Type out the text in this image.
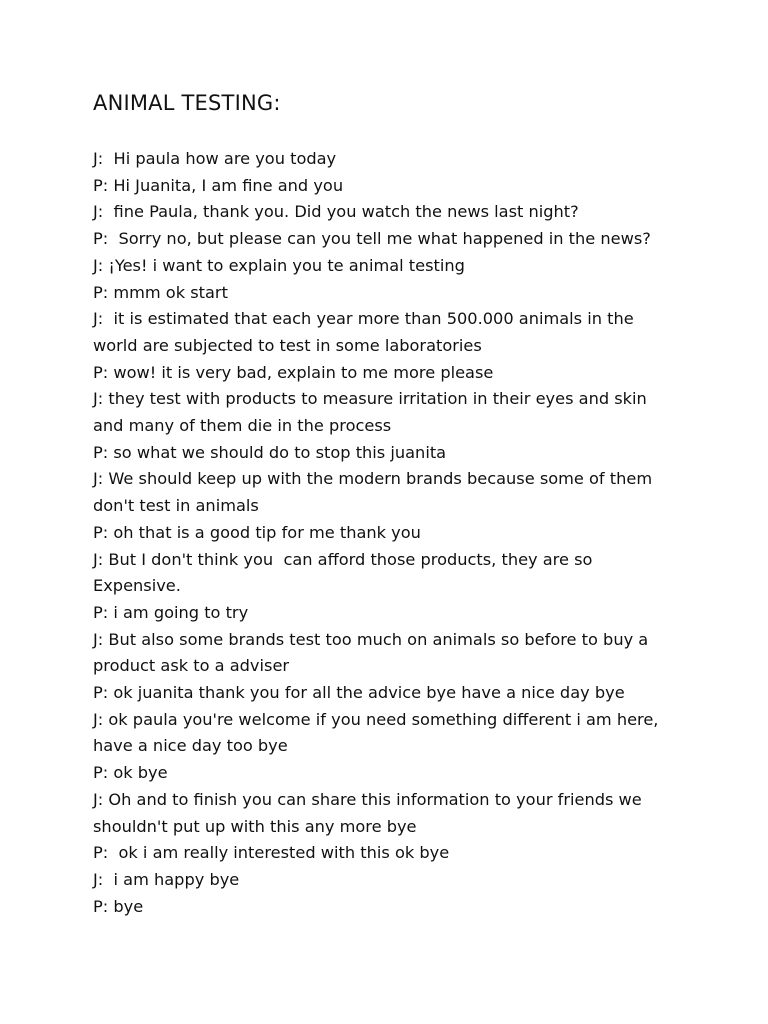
ANIMAL TESTING:
J:  Hi paula how are you today
P: Hi Juanita, I am fine and you
J:  fine Paula, thank you. Did you watch the news last night?
P:  Sorry no, but please can you tell me what happened in the news?
J: ¡Yes! i want to explain you te animal testing
P: mmm ok start
J:  it is estimated that each year more than 500.000 animals in the
world are subjected to test in some laboratories
P: wow! it is very bad, explain to me more please
J: they test with products to measure irritation in their eyes and skin
and many of them die in the process
P: so what we should do to stop this juanita
J: We should keep up with the modern brands because some of them
don't test in animals
P: oh that is a good tip for me thank you
J: But I don't think you  can afford those products, they are so
Expensive.
P: i am going to try
J: But also some brands test too much on animals so before to buy a
product ask to a adviser
P: ok juanita thank you for all the advice bye have a nice day bye
J: ok paula you're welcome if you need something different i am here,
have a nice day too bye
P: ok bye
J: Oh and to finish you can share this information to your friends we
shouldn't put up with this any more bye
P:  ok i am really interested with this ok bye
J:  i am happy bye
P: bye
